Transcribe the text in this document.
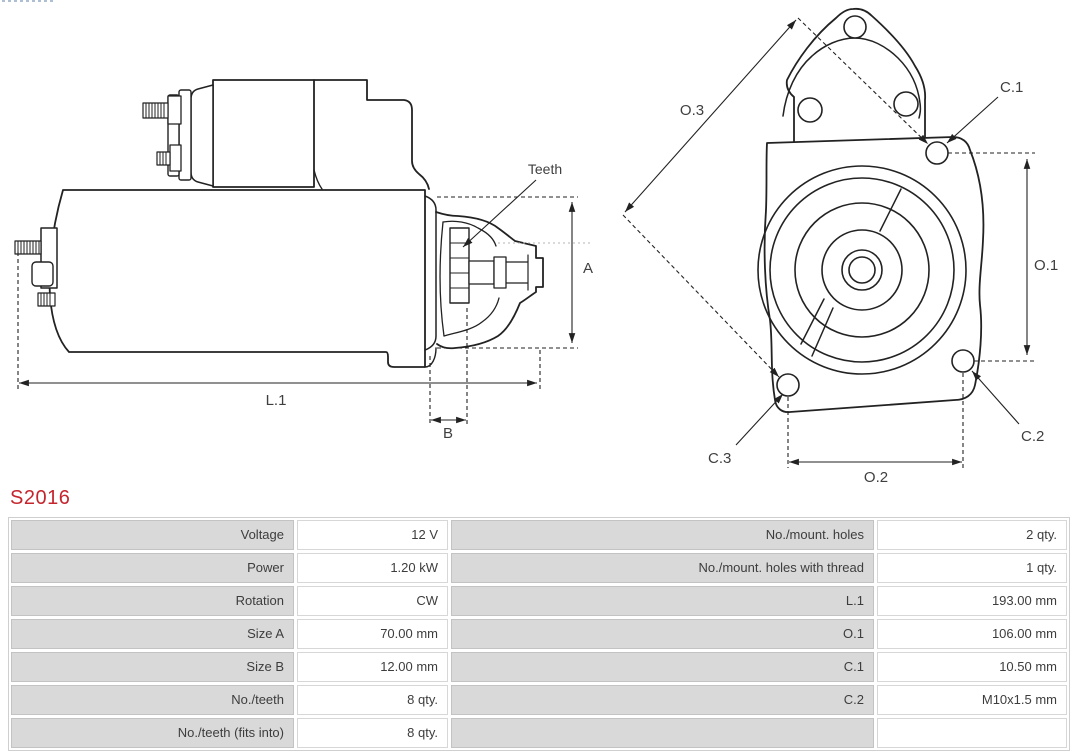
Teeth
A
L.1
B
O.3
O.1
O.2
C.1
C.2
C.3
S2016
Voltage	12 V	No./mount. holes	2 qty.
Power	1.20 kW	No./mount. holes with thread	1 qty.
Rotation	CW	L.1	193.00 mm
Size A	70.00 mm	O.1	106.00 mm
Size B	12.00 mm	C.1	10.50 mm
No./teeth	8 qty.	C.2	M10x1.5 mm
No./teeth (fits into)	8 qty.
